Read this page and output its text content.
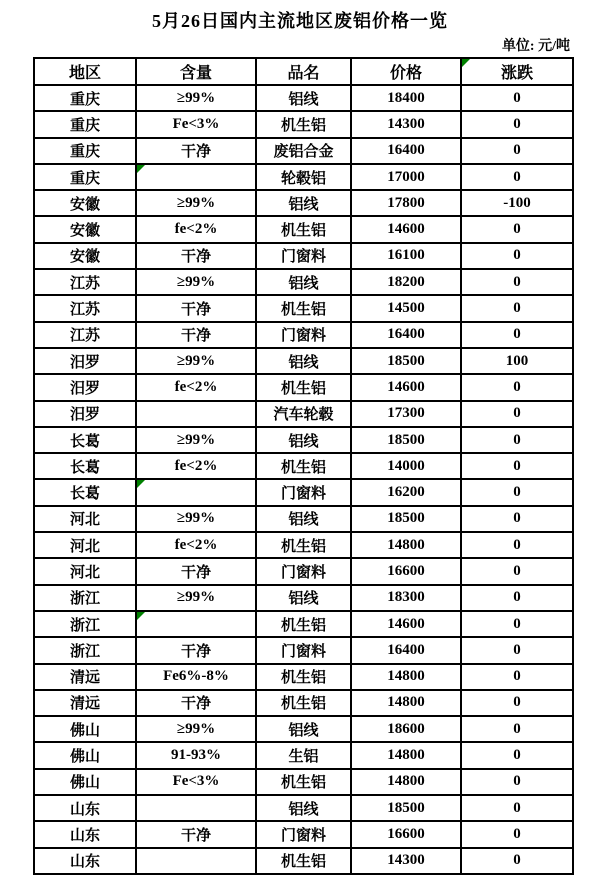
5月26日国内主流地区废铝价格一览
单位: 元/吨
地区	含量	品名	价格	涨跌

重庆	≥99%	铝线	18400	0
重庆	Fe<3%	机生铝	14300	0
重庆	干净	废铝合金	16400	0
重庆		轮毂铝	17000	0
安徽	≥99%	铝线	17800	-100
安徽	fe<2%	机生铝	14600	0
安徽	干净	门窗料	16100	0
江苏	≥99%	铝线	18200	0
江苏	干净	机生铝	14500	0
江苏	干净	门窗料	16400	0
汨罗	≥99%	铝线	18500	100
汨罗	fe<2%	机生铝	14600	0
汨罗		汽车轮毂	17300	0
长葛	≥99%	铝线	18500	0
长葛	fe<2%	机生铝	14000	0
长葛		门窗料	16200	0
河北	≥99%	铝线	18500	0
河北	fe<2%	机生铝	14800	0
河北	干净	门窗料	16600	0
浙江	≥99%	铝线	18300	0
浙江		机生铝	14600	0
浙江	干净	门窗料	16400	0
清远	Fe6%-8%	机生铝	14800	0
清远	干净	机生铝	14800	0
佛山	≥99%	铝线	18600	0
佛山	91-93%	生铝	14800	0
佛山	Fe<3%	机生铝	14800	0
山东		铝线	18500	0
山东	干净	门窗料	16600	0
山东		机生铝	14300	0
